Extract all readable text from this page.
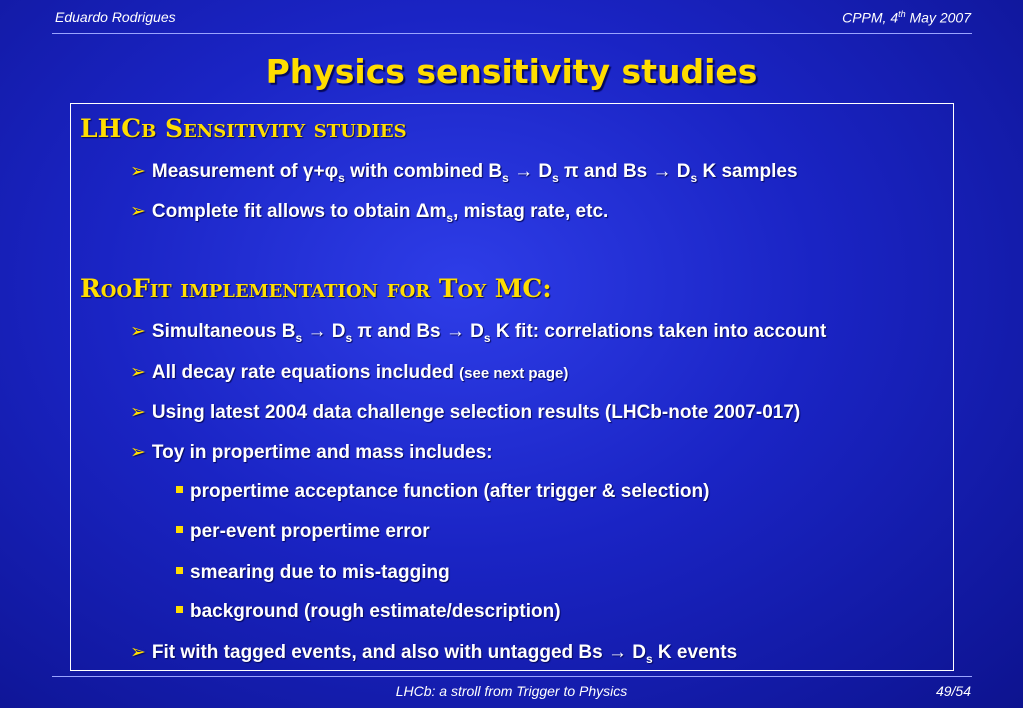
Eduardo Rodrigues	CPPM, 4th May 2007
Physics sensitivity studies
LHCb Sensitivity studies
➢ Measurement of $\gamma+\varphi_s$ with combined $B_s \to D_s$ π and $Bs \to D_s$ K samples
➢ Complete fit allows to obtain $\Delta m_s$, mistag rate, etc.
RooFit implementation for Toy MC:
➢ Simultaneous $B_s \to D_s$ π and $Bs \to D_s$ K fit: correlations taken into account
➢ All decay rate equations included (see next page)
➢ Using latest 2004 data challenge selection results (LHCb-note 2007-017)
➢ Toy in propertime and mass includes:
propertime acceptance function (after trigger & selection)
per-event propertime error
smearing due to mis-tagging
background (rough estimate/description)
➢ Fit with tagged events, and also with untagged $Bs \to D_s$ K events
LHCb: a stroll from Trigger to Physics	49/54
